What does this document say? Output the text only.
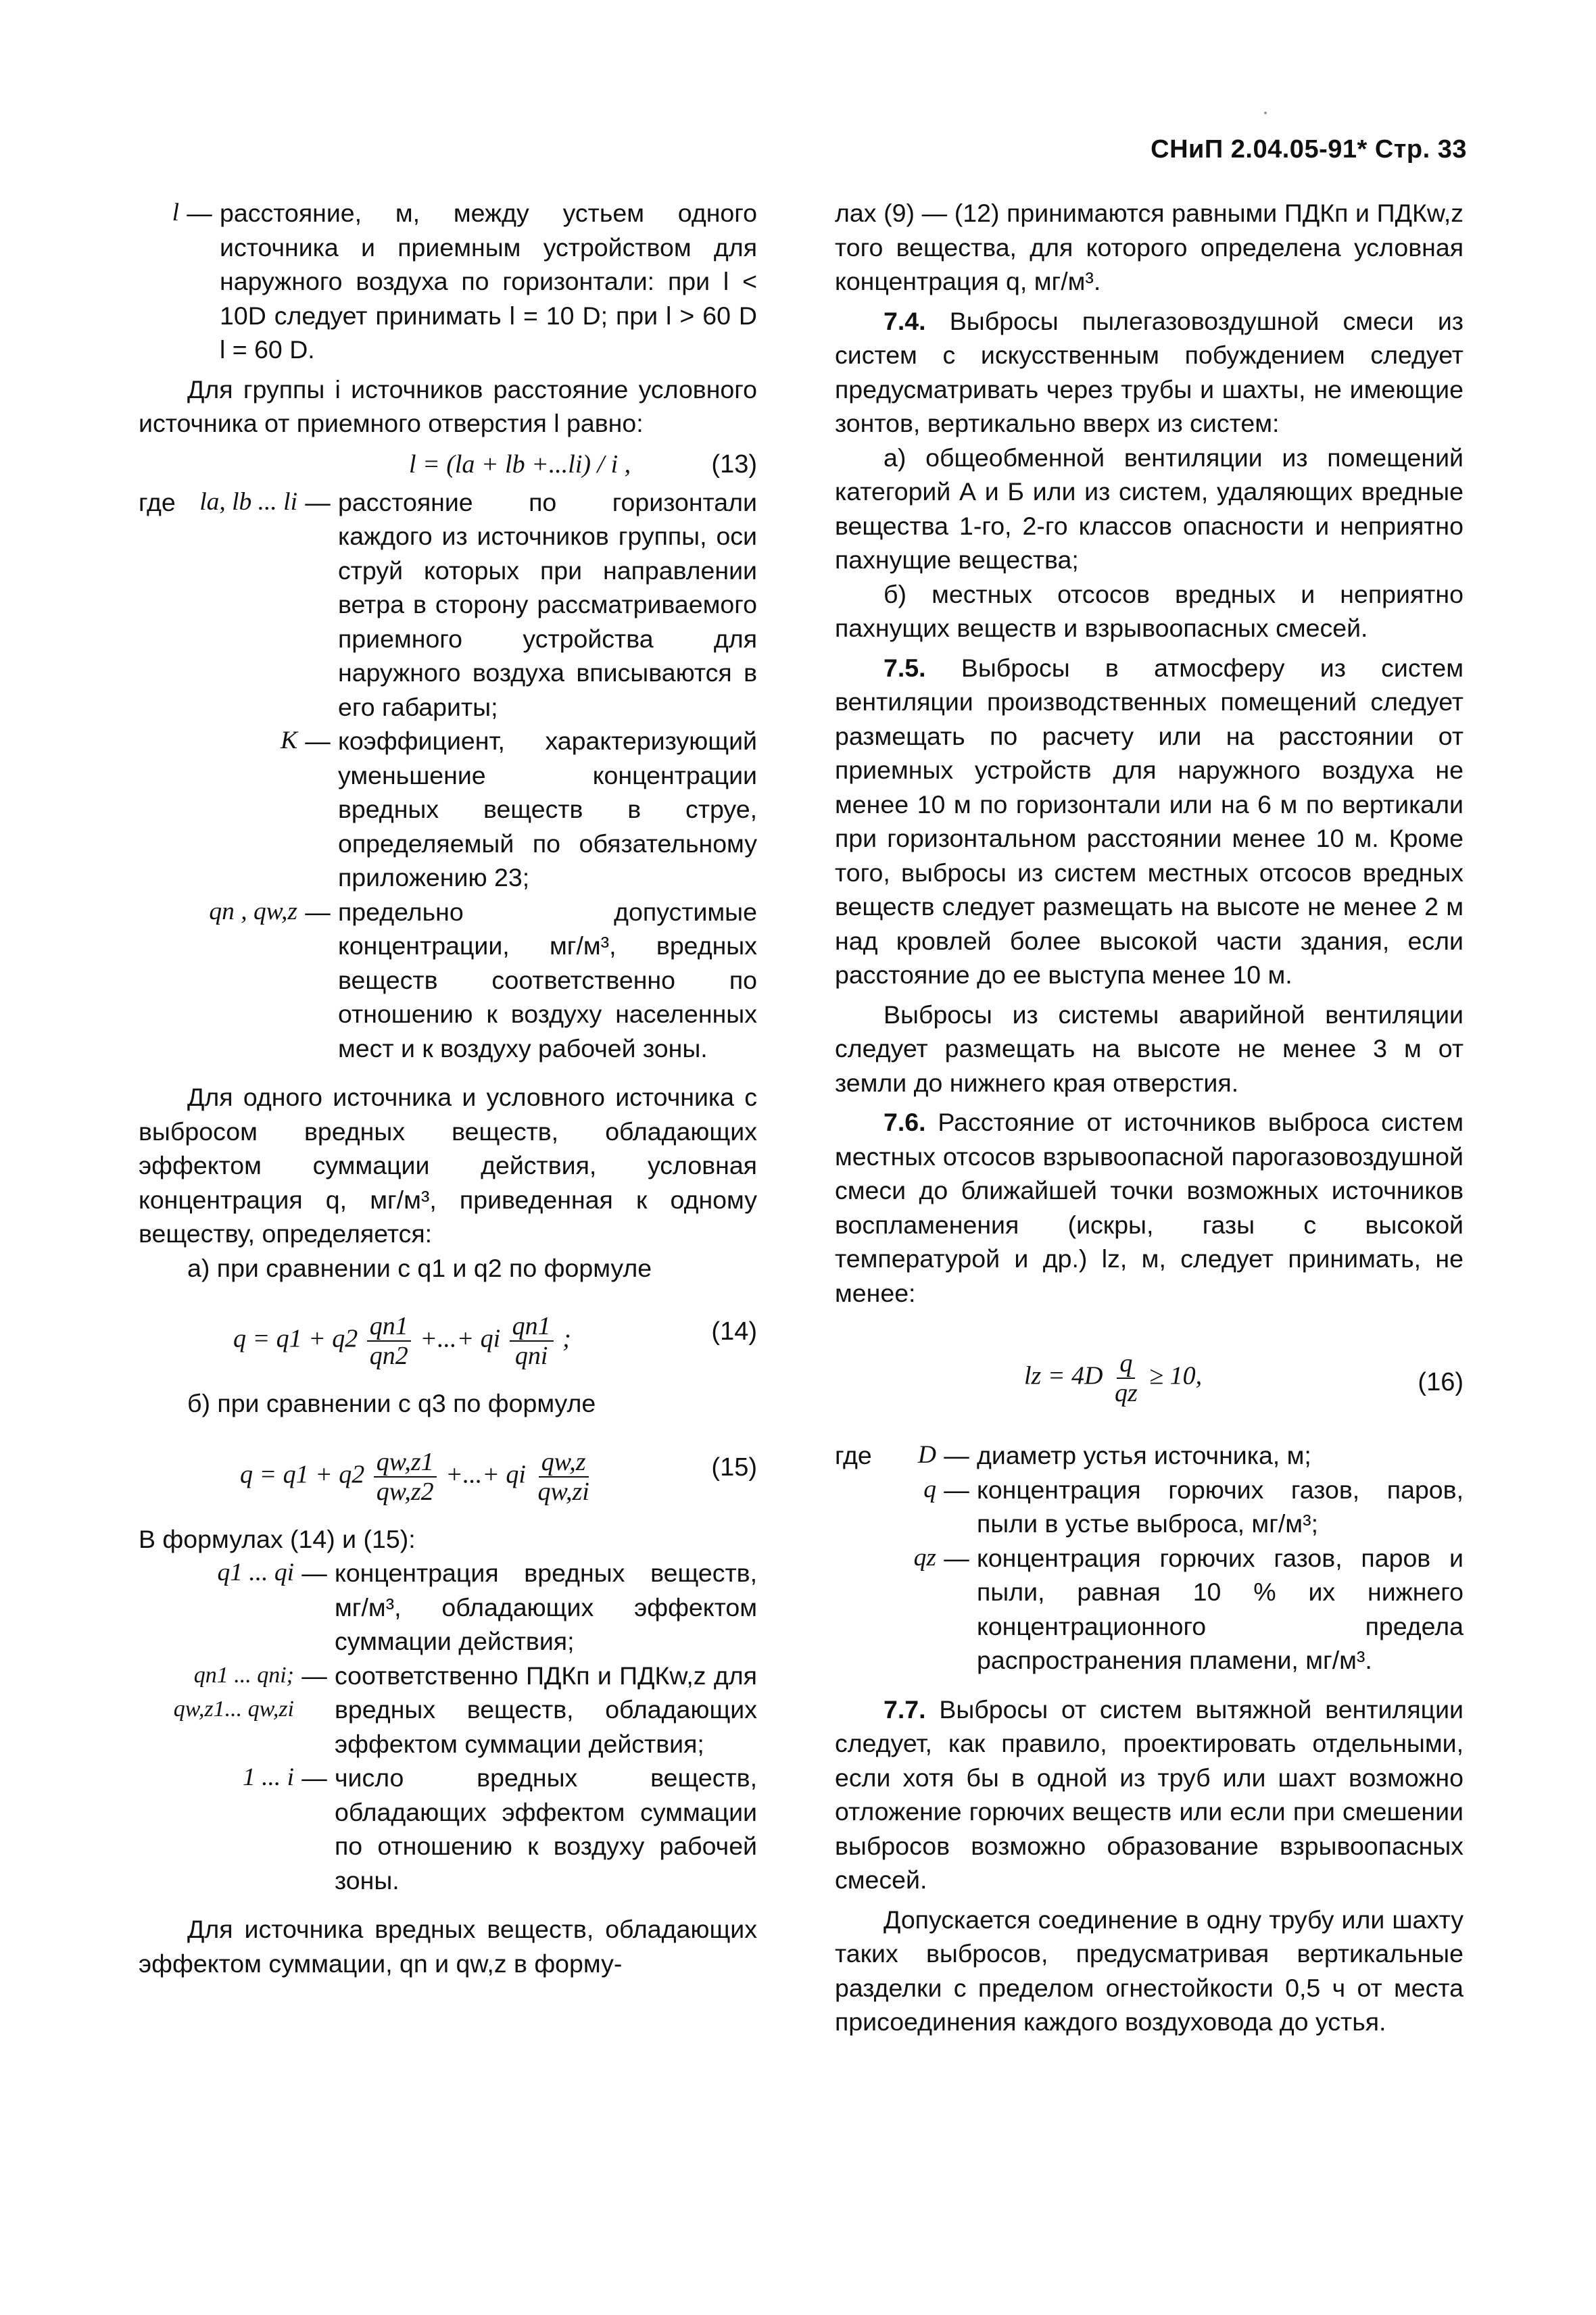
СНиП 2.04.05-91* Стр. 33
l — расстояние, м, между устьем одного источника и приемным устройством для наружного воздуха по горизонтали: при l < 10D следует принимать l = 10 D; при l > 60 D l = 60 D.

Для группы i источников расстояние условного источника от приемного отверстия l равно:

l = (la + lb +...li) / i ,	(13)
где la, lb ... li — расстояние по горизонтали каждого из источников группы, оси струй которых при направлении ветра в сторону рассматриваемого приемного устройства для наружного воздуха вписываются в его габариты;
K — коэффициент, характеризующий уменьшение концентрации вредных веществ в струе, определяемый по обязательному приложению 23;
qn , qw,z — предельно допустимые концентрации, мг/м³, вредных веществ соответственно по отношению к воздуху населенных мест и к воздуху рабочей зоны.

Для одного источника и условного источника с выбросом вредных веществ, обладающих эффектом суммации действия, условная концентрация q, мг/м³, приведенная к одному веществу, определяется:

а) при сравнении с q1 и q2 по формуле

$q = q1 + q2 \frac{qn1}{qn2}$ +...+ qi $\frac{qn1}{\text{qni}}$ ;	(14)

б) при сравнении с q3 по формуле

$q = q1 + q2 \frac{qw,z1}{qw,z2}$ +...+ qi $\frac{qw,z}{qw,zi}$	(15)

В формулах (14) и (15):

q1 ... qi — концентрация вредных веществ, мг/м³, обладающих эффектом суммации действия;
qn1 ... qni; qw,z1... qw,zi
— соответственно ПДКп и ПДКw,z для вредных веществ, обладающих эффектом суммации действия;
1 ... i — число вредных веществ, обладающих эффектом суммации по отношению к воздуху рабочей зоны.

Для источника вредных веществ, обладающих эффектом суммации, qn и qw,z в форму-

лах (9) — (12) принимаются равными ПДКп и ПДКw,z того вещества, для которого определена условная концентрация q, мг/м³.

7.4. Выбросы пылегазовоздушной смеси из систем с искусственным побуждением следует предусматривать через трубы и шахты, не имеющие зонтов, вертикально вверх из систем:

а) общеобменной вентиляции из помещений категорий А и Б или из систем, удаляющих вредные вещества 1-го, 2-го классов опасности и неприятно пахнущие вещества;

б) местных отсосов вредных и неприятно пахнущих веществ и взрывоопасных смесей.

7.5. Выбросы в атмосферу из систем вентиляции производственных помещений следует размещать по расчету или на расстоянии от приемных устройств для наружного воздуха не менее 10 м по горизонтали или на 6 м по вертикали при горизонтальном расстоянии менее 10 м. Кроме того, выбросы из систем местных отсосов вредных веществ следует размещать на высоте не менее 2 м над кровлей более высокой части здания, если расстояние до ее выступа менее 10 м.

Выбросы из системы аварийной вентиляции следует размещать на высоте не менее 3 м от земли до нижнего края отверстия.

7.6. Расстояние от источников выброса систем местных отсосов взрывоопасной парогазовоздушной смеси до ближайшей точки возможных источников воспламенения (искры, газы с высокой температурой и др.) lz, м, следует принимать, не менее:

lz = $4D \frac{q}{qz} \ge 10$,	(16)
где	D — диаметр устья источника, м;
q — концентрация горючих газов, паров, пыли в устье выброса, мг/м³;
qz — концентрация горючих газов, паров и пыли, равная 10 % их нижнего концентрационного предела распространения пламени, мг/м³.

7.7. Выбросы от систем вытяжной вентиляции следует, как правило, проектировать отдельными, если хотя бы в одной из труб или шахт возможно отложение горючих веществ или если при смешении выбросов возможно образование взрывоопасных смесей.

Допускается соединение в одну трубу или шахту таких выбросов, предусматривая вертикальные разделки с пределом огнестойкости 0,5 ч от места присоединения каждого воздуховода до устья.
